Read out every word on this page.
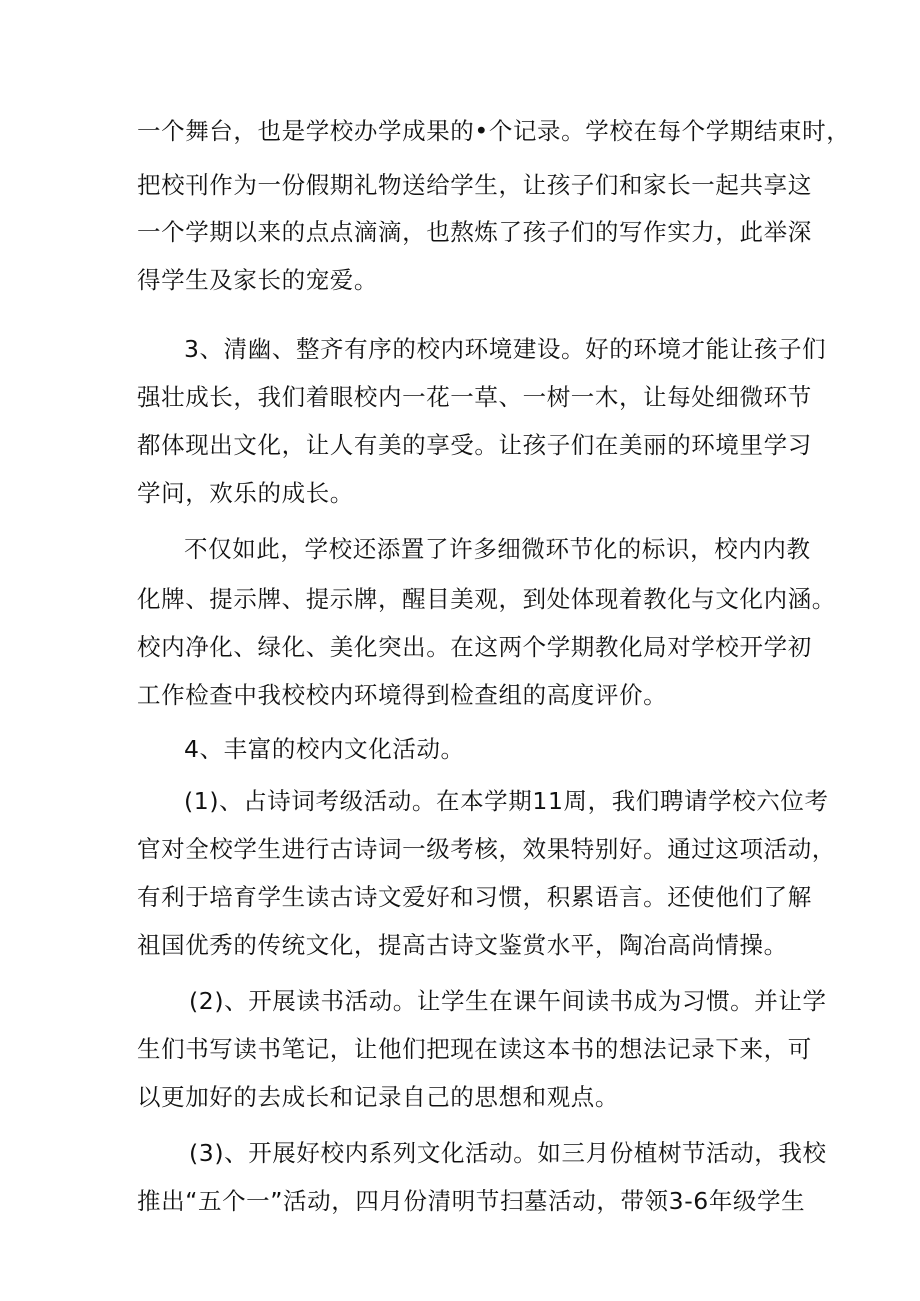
一个舞台，也是学校办学成果的•个记录。学校在每个学期结束时，
把校刊作为一份假期礼物送给学生，让孩子们和家长一起共享这
一个学期以来的点点滴滴，也熬炼了孩子们的写作实力，此举深
得学生及家长的宠爱。
3、清幽、整齐有序的校内环境建设。好的环境才能让孩子们
强壮成长，我们着眼校内一花一草、一树一木，让每处细微环节
都体现出文化，让人有美的享受。让孩子们在美丽的环境里学习
学问，欢乐的成长。
不仅如此，学校还添置了许多细微环节化的标识，校内内教
化牌、提示牌、提示牌，醒目美观，到处体现着教化与文化内涵。
校内净化、绿化、美化突出。在这两个学期教化局对学校开学初
工作检查中我校校内环境得到检查组的高度评价。
4、丰富的校内文化活动。
(1)、占诗词考级活动。在本学期11周，我们聘请学校六位考
官对全校学生进行古诗词一级考核，效果特别好。通过这项活动，
有利于培育学生读古诗文爱好和习惯，积累语言。还使他们了解
祖国优秀的传统文化，提高古诗文鉴赏水平，陶冶高尚情操。
(2)、开展读书活动。让学生在课午间读书成为习惯。并让学
生们书写读书笔记，让他们把现在读这本书的想法记录下来，可
以更加好的去成长和记录自己的思想和观点。
(3)、开展好校内系列文化活动。如三月份植树节活动，我校
推出“五个一”活动，四月份清明节扫墓活动，带领3-6年级学生
